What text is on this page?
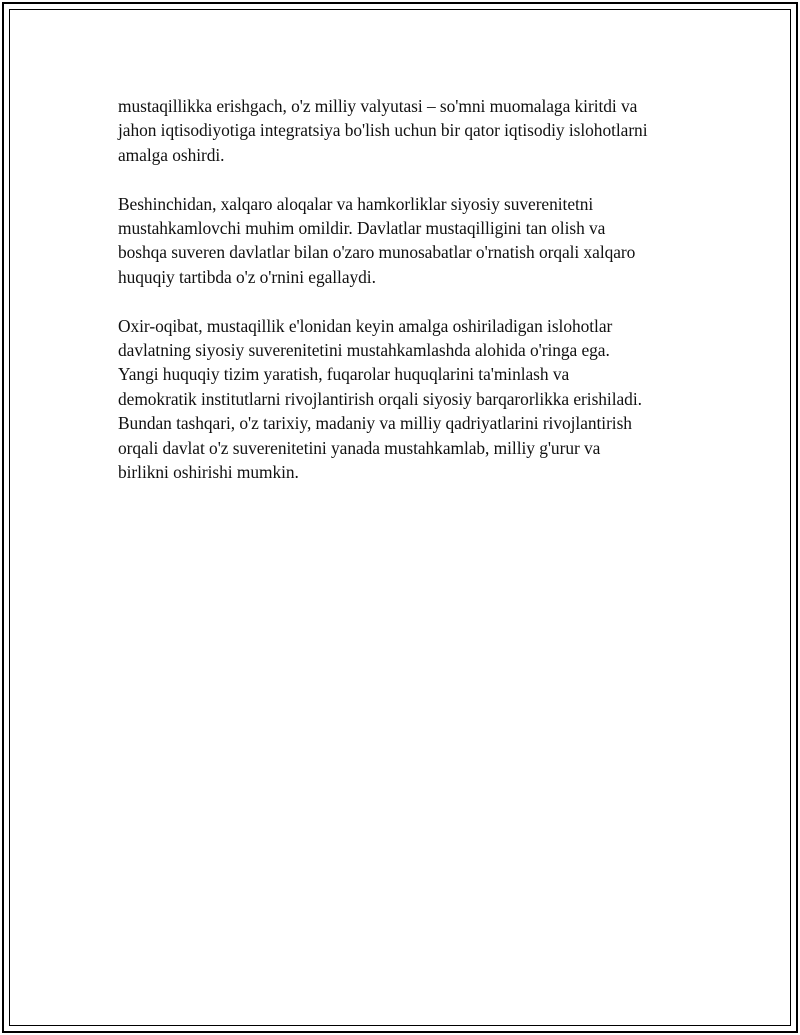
mustaqillikka erishgach, o'z milliy valyutasi – so'mni muomalaga kiritdi va
jahon iqtisodiyotiga integratsiya bo'lish uchun bir qator iqtisodiy islohotlarni
amalga oshirdi.

Beshinchidan, xalqaro aloqalar va hamkorliklar siyosiy suverenitetni
mustahkamlovchi muhim omildir. Davlatlar mustaqilligini tan olish va
boshqa suveren davlatlar bilan o'zaro munosabatlar o'rnatish orqali xalqaro
huquqiy tartibda o'z o'rnini egallaydi.

Oxir-oqibat, mustaqillik e'lonidan keyin amalga oshiriladigan islohotlar
davlatning siyosiy suverenitetini mustahkamlashda alohida o'ringa ega.
Yangi huquqiy tizim yaratish, fuqarolar huquqlarini ta'minlash va
demokratik institutlarni rivojlantirish orqali siyosiy barqarorlikka erishiladi.
Bundan tashqari, o'z tarixiy, madaniy va milliy qadriyatlarini rivojlantirish
orqali davlat o'z suverenitetini yanada mustahkamlab, milliy g'urur va
birlikni oshirishi mumkin.
